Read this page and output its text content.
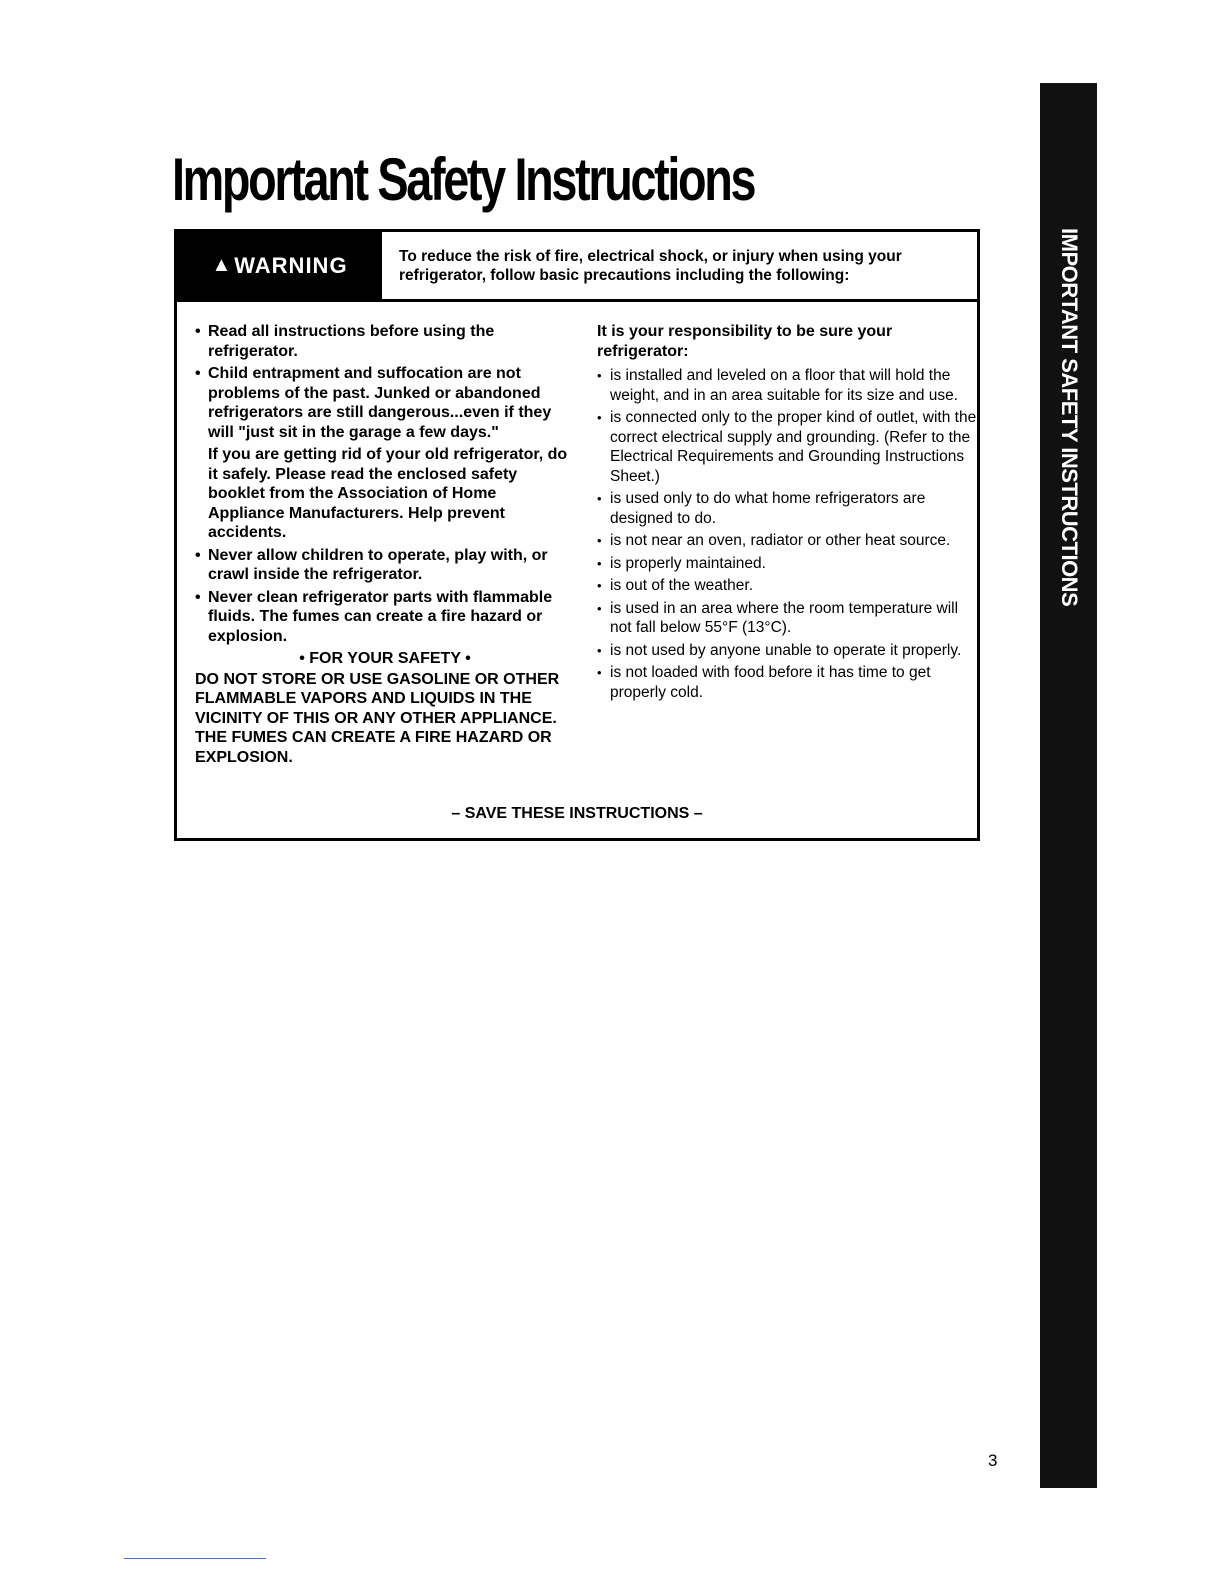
Important Safety Instructions
▲ WARNING	To reduce the risk of fire, electrical shock, or injury when using your refrigerator, follow basic precautions including the following:
• Read all instructions before using the refrigerator.
• Child entrapment and suffocation are not problems of the past. Junked or abandoned refrigerators are still dangerous...even if they will "just sit in the garage a few days."
If you are getting rid of your old refrigerator, do it safely. Please read the enclosed safety booklet from the Association of Home Appliance Manufacturers. Help prevent accidents.
• Never allow children to operate, play with, or crawl inside the refrigerator.
• Never clean refrigerator parts with flammable fluids. The fumes can create a fire hazard or explosion.
• FOR YOUR SAFETY •
DO NOT STORE OR USE GASOLINE OR OTHER FLAMMABLE VAPORS AND LIQUIDS IN THE VICINITY OF THIS OR ANY OTHER APPLIANCE. THE FUMES CAN CREATE A FIRE HAZARD OR EXPLOSION.
It is your responsibility to be sure your refrigerator:
• is installed and leveled on a floor that will hold the weight, and in an area suitable for its size and use.
• is connected only to the proper kind of outlet, with the correct electrical supply and grounding. (Refer to the Electrical Requirements and Grounding Instructions Sheet.)
• is used only to do what home refrigerators are designed to do.
• is not near an oven, radiator or other heat source.
• is properly maintained.
• is out of the weather.
• is used in an area where the room temperature will not fall below 55°F (13°C).
• is not used by anyone unable to operate it properly.
• is not loaded with food before it has time to get properly cold.
– SAVE THESE INSTRUCTIONS –
IMPORTANT SAFETY INSTRUCTIONS
3
